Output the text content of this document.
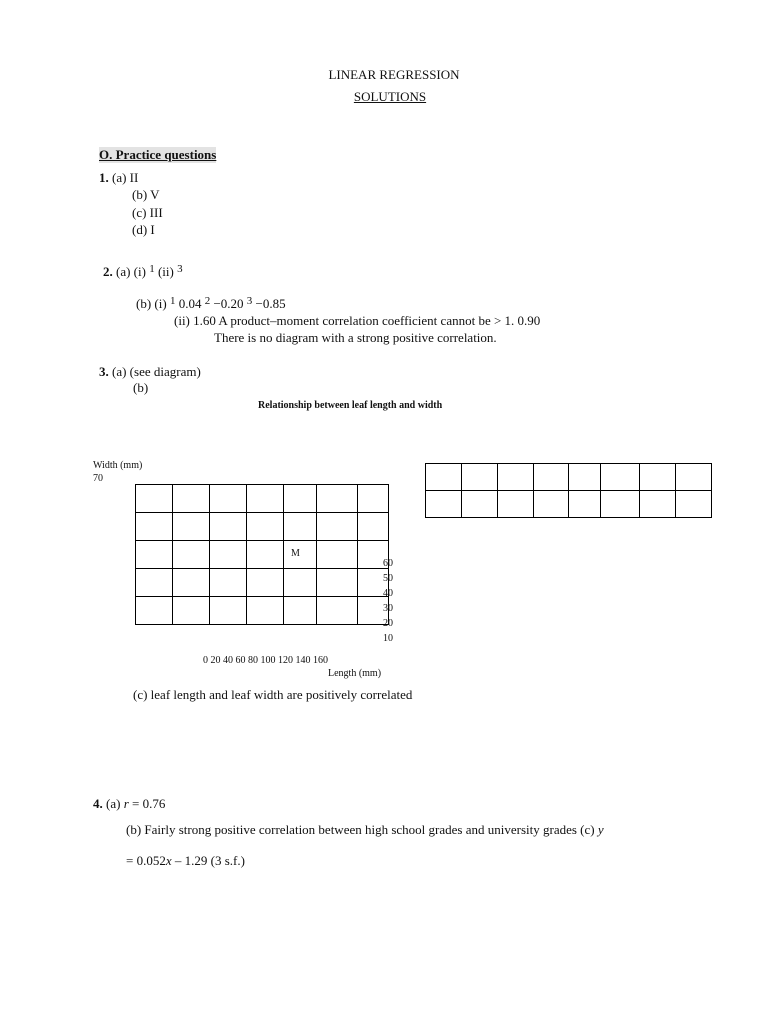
LINEAR REGRESSION
SOLUTIONS
O. Practice questions
1. (a) II
(b) V
(c) III
(d) I
2. (a) (i) $^1$ (ii) $^3$
(b) (i) $^1$ 0.04 $^2$ −0.20 $^3$ −0.85
(ii) 1.60 A product–moment correlation coefficient cannot be > 1. 0.90
There is no diagram with a strong positive correlation.
3. (a) (see diagram)
(b)
Relationship between leaf length and width
Width (mm)
70

M
60
50
40
30
20
10
0 20 40 60 80 100 120 140 160
Length (mm)

(c) leaf length and leaf width are positively correlated
4. (a) r = 0.76
(b) Fairly strong positive correlation between high school grades and university grades (c) y
= 0.052x – 1.29 (3 s.f.)
